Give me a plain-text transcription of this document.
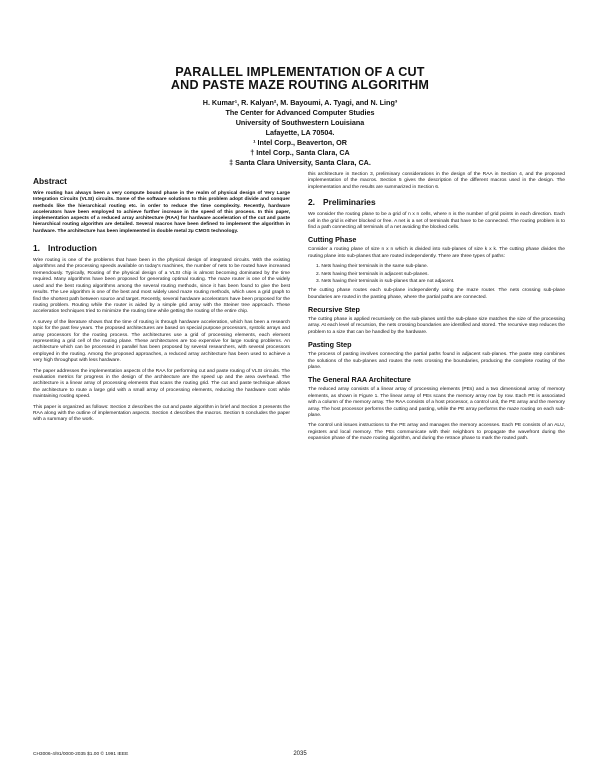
PARALLEL IMPLEMENTATION OF A CUT
AND PASTE MAZE ROUTING ALGORITHM
H. Kumar¹, R. Kalyan², M. Bayoumi, A. Tyagi, and N. Ling³
The Center for Advanced Computer Studies
University of Southwestern Louisiana
Lafayette, LA 70504.
¹ Intel Corp., Beaverton, OR
† Intel Corp., Santa Clara, CA
‡ Santa Clara University, Santa Clara, CA.
Abstract

Wire routing has always been a very compute bound phase in the realm of physical design of Very Large Integration Circuits (VLSI) circuits. Some of the software solutions to this problem adopt divide and conquer methods like the hierarchical routing etc. in order to reduce the time complexity. Recently, hardware accelerators have been employed to achieve further increase in the speed of this process. In this paper, implementation aspects of a reduced array architecture (RAA) for hardware acceleration of the cut and paste hierarchical routing algorithm are detailed. Several macros have been defined to implement the algorithm in hardware. The architecture has been implemented in double metal 2µ CMOS technology.

1. Introduction

Wire routing is one of the problems that have been in the physical design of integrated circuits. With the existing algorithms and the processing speeds available on today's machines, the number of nets to be routed have increased tremendously. Typically, Routing of the physical design of a VLSI chip is almost becoming dominated by the time required. Many algorithms have been proposed for generating optimal routing. The maze router is one of the widely used and the best routing algorithms among the several routing methods, since it has been found to give the best results. The Lee algorithm is one of the best and most widely used maze routing methods, which uses a grid graph to find the shortest path between source and target. Recently, several hardware accelerators have been proposed for the routing problem. Routing while the router is aided by a simple grid array with the Steiner tree approach. These acceleration techniques tried to minimize the routing time while getting the routing of the entire chip.

A survey of the literature shows that the time of routing is through hardware acceleration, which has been a research topic for the past few years. The proposed architectures are based on special purpose processors, systolic arrays and array processors for the routing process. The architectures use a grid of processing elements, each element representing a grid cell of the routing plane. These architectures are too expensive for large routing problems. An architecture which can be processed in parallel has been proposed by several researchers, with several processors employed in the routing. Among the proposed approaches, a reduced array architecture has been used to achieve a very high throughput with less hardware.

The paper addresses the implementation aspects of the RAA for performing cut and paste routing of VLSI circuits. The evaluation metrics for progress in the design of the architecture are the speed up and the area overhead. The architecture is a linear array of processing elements that scans the routing grid. The cut and paste technique allows the architecture to route a large grid with a small array of processing elements, reducing the hardware cost while maintaining routing speed.

This paper is organized as follows: Section 2 describes the cut and paste algorithm in brief and Section 3 presents the RAA along with the outline of implementation aspects. Section 4 describes the macros. Section 5 concludes the paper with a summary of the work.

this architecture in Section 3, preliminary considerations in the design of the RAA in Section 4, and the proposed implementation of the macros. Section 5 gives the description of the different macros used in the design. The implementation and the results are summarized in Section 6.

2. Preliminaries

We consider the routing plane to be a grid of n x n cells, where n is the number of grid points in each direction. Each cell in the grid is either blocked or free. A net is a set of terminals that have to be connected. The routing problem is to find a path connecting all terminals of a net avoiding the blocked cells.

Cutting Phase

Consider a routing plane of size n x n which is divided into sub-planes of size k x k. The cutting phase divides the routing plane into sub-planes that are routed independently. There are three types of paths:

1. Nets having their terminals in the same sub-plane.
2. Nets having their terminals in adjacent sub-planes.
3. Nets having their terminals in sub-planes that are not adjacent.

The cutting phase routes each sub-plane independently using the maze router. The nets crossing sub-plane boundaries are routed in the pasting phase, where the partial paths are connected.

Recursive Step

The cutting phase is applied recursively on the sub-planes until the sub-plane size matches the size of the processing array. At each level of recursion, the nets crossing boundaries are identified and stored. The recursive step reduces the problem to a size that can be handled by the hardware.

Pasting Step

The process of pasting involves connecting the partial paths found in adjacent sub-planes. The paste step combines the solutions of the sub-planes and routes the nets crossing the boundaries, producing the complete routing of the plane.

The General RAA Architecture

The reduced array consists of a linear array of processing elements (PEs) and a two dimensional array of memory elements, as shown in Figure 1. The linear array of PEs scans the memory array row by row. Each PE is associated with a column of the memory array. The RAA consists of a host processor, a control unit, the PE array and the memory array. The host processor performs the cutting and pasting, while the PE array performs the maze routing on each sub-plane.

The control unit issues instructions to the PE array and manages the memory accesses. Each PE consists of an ALU, registers and local memory. The PEs communicate with their neighbors to propagate the wavefront during the expansion phase of the maze routing algorithm, and during the retrace phase to mark the routed path.

CH3006-4/91/0000-2035 $1.00 © 1991 IEEE	2035
